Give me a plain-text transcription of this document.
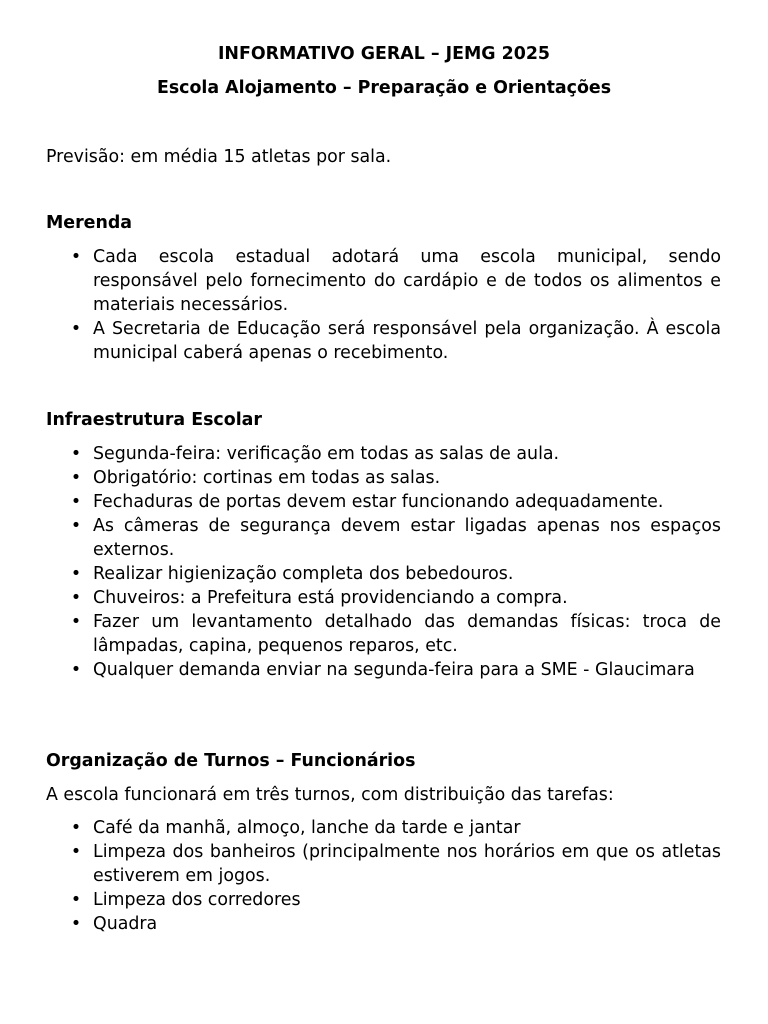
INFORMATIVO GERAL – JEMG 2025
Escola Alojamento – Preparação e Orientações
Previsão: em média 15 atletas por sala.
Merenda
• Cada escola estadual adotará uma escola municipal, sendo responsável pelo fornecimento do cardápio e de todos os alimentos e materiais necessários.
• A Secretaria de Educação será responsável pela organização. À escola municipal caberá apenas o recebimento.
Infraestrutura Escolar
• Segunda-feira: verificação em todas as salas de aula.
• Obrigatório: cortinas em todas as salas.
• Fechaduras de portas devem estar funcionando adequadamente.
• As câmeras de segurança devem estar ligadas apenas nos espaços externos.
• Realizar higienização completa dos bebedouros.
• Chuveiros: a Prefeitura está providenciando a compra.
• Fazer um levantamento detalhado das demandas físicas: troca de lâmpadas, capina, pequenos reparos, etc.
• Qualquer demanda enviar na segunda-feira para a SME - Glaucimara
Organização de Turnos – Funcionários
A escola funcionará em três turnos, com distribuição das tarefas:
• Café da manhã, almoço, lanche da tarde e jantar
• Limpeza dos banheiros (principalmente nos horários em que os atletas estiverem em jogos.
• Limpeza dos corredores
• Quadra
